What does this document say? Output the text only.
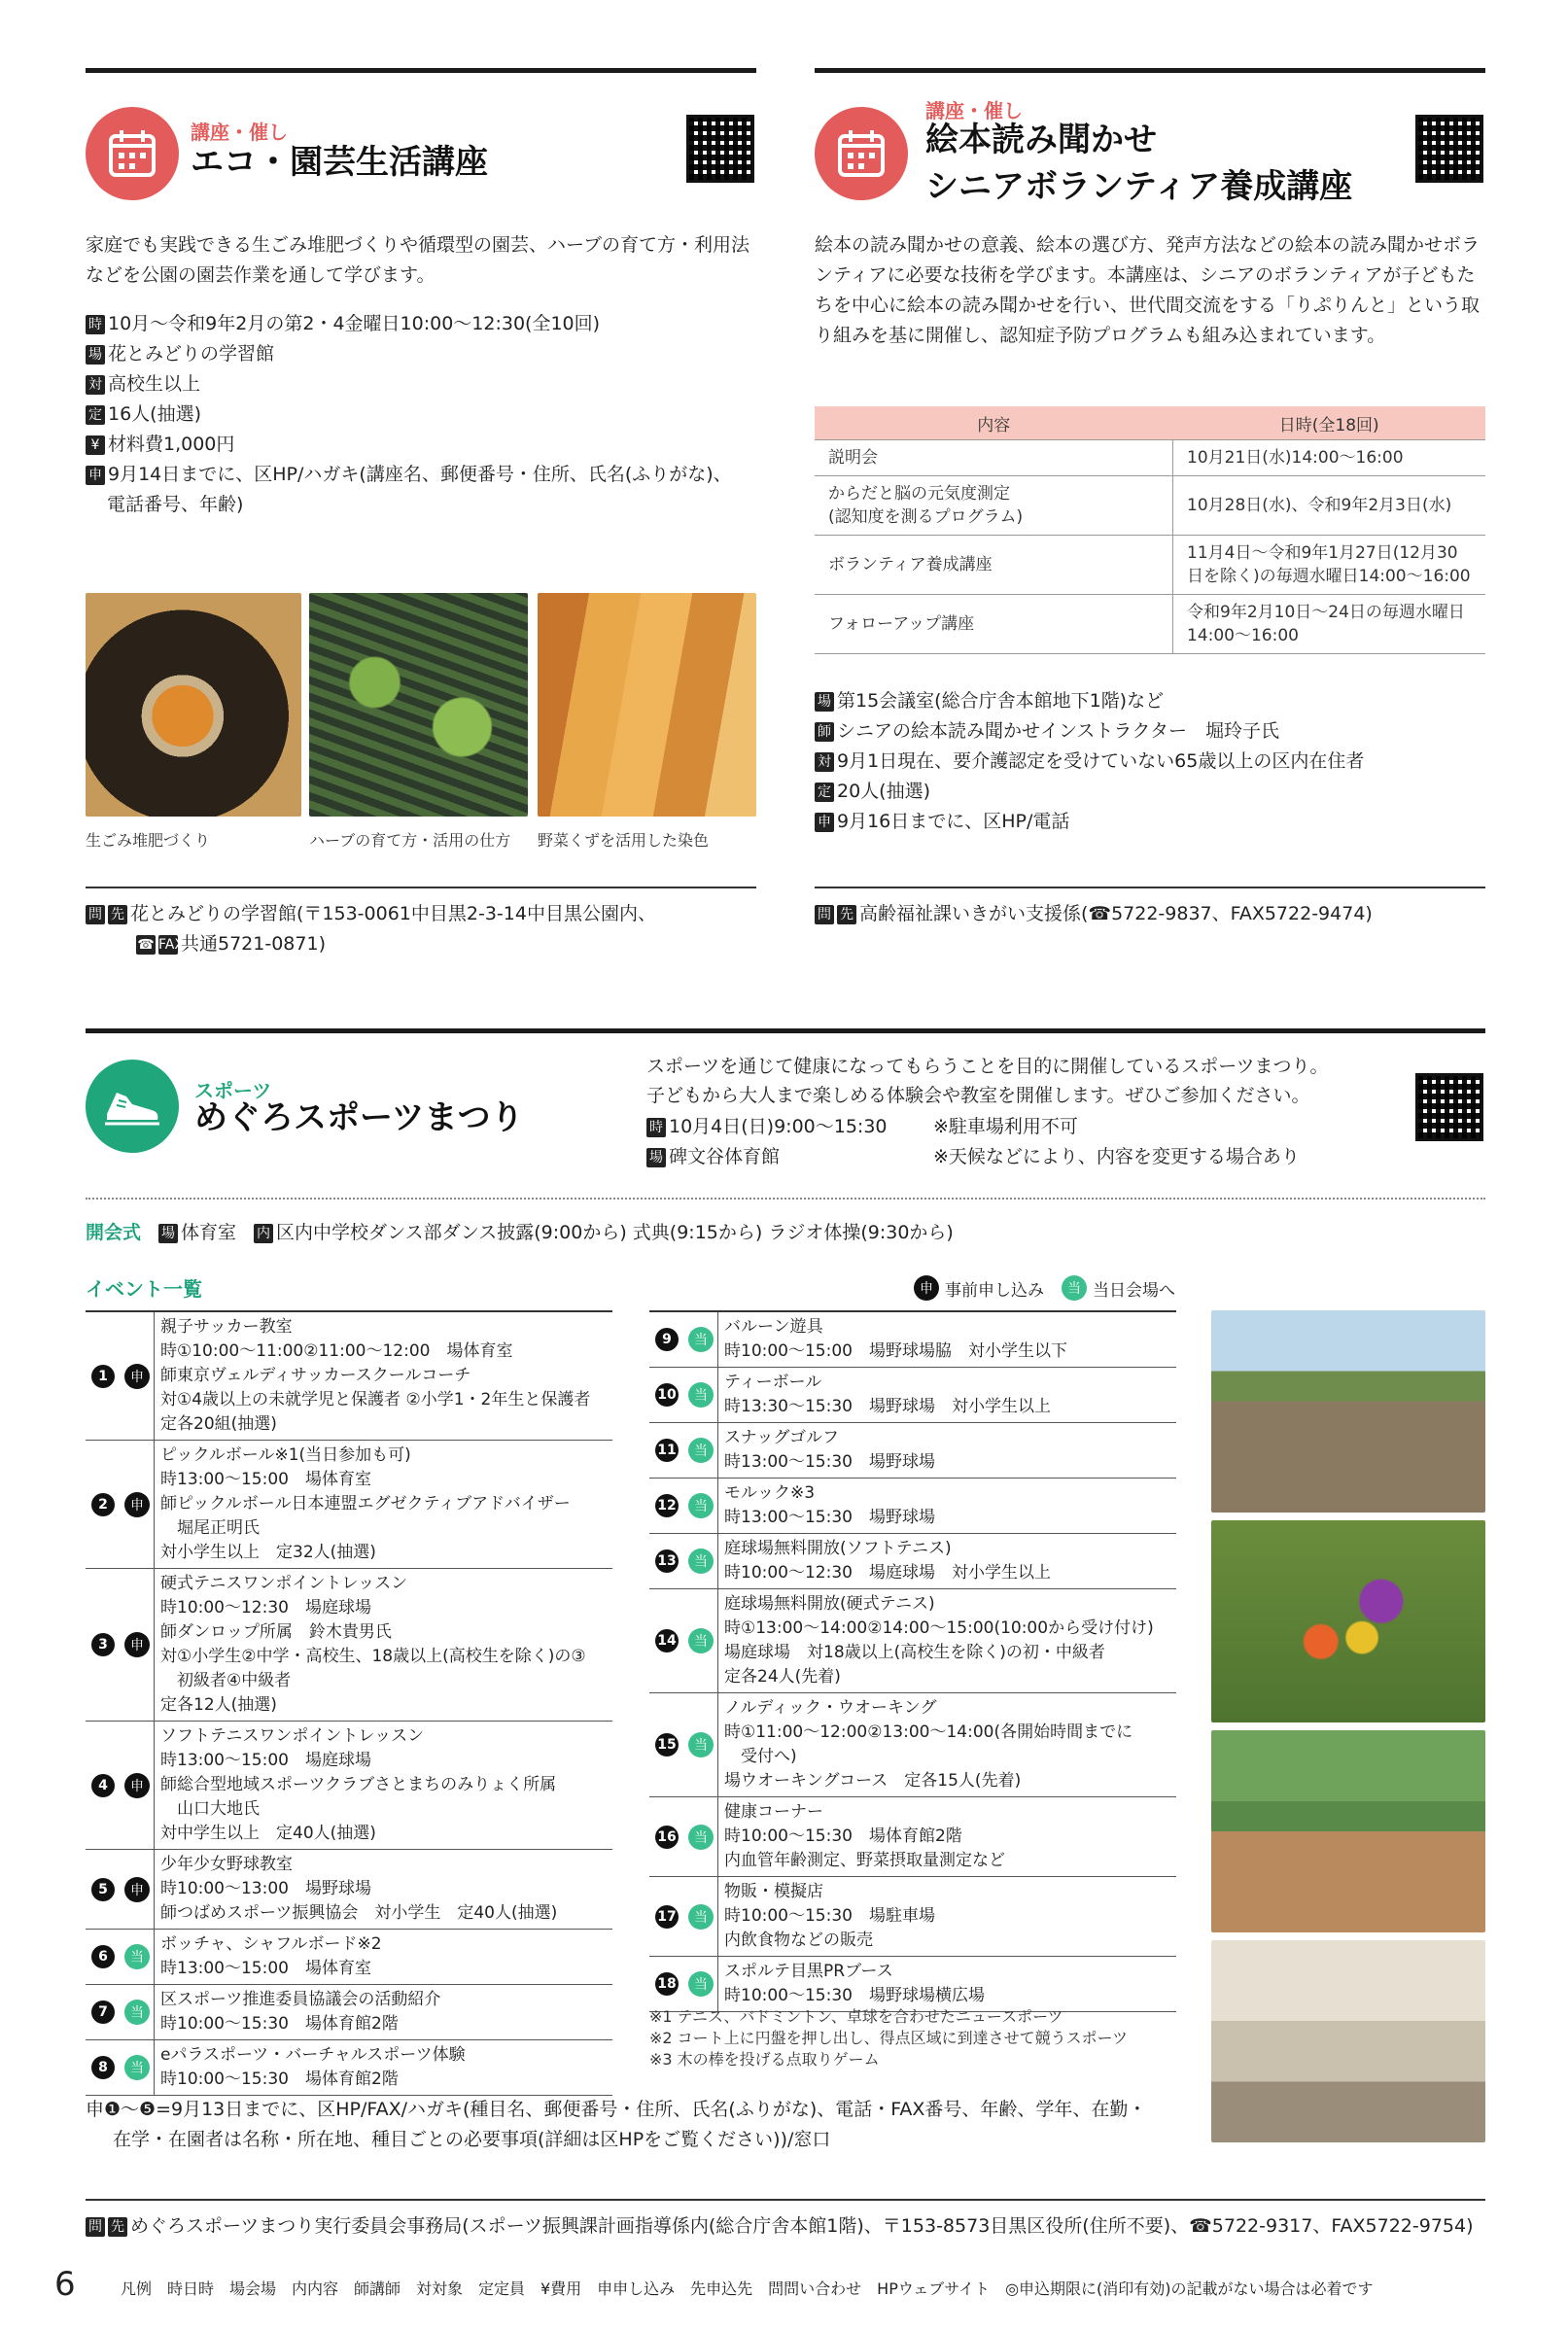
講座・催し
エコ・園芸生活講座
家庭でも実践できる生ごみ堆肥づくりや循環型の園芸、ハーブの育て方・利用法などを公園の園芸作業を通して学びます。
時 10月～令和9年2月の第2・4金曜日10:00～12:30(全10回)
場 花とみどりの学習館
対 高校生以上
定 16人(抽選)
¥ 材料費1,000円
申 9月14日までに、区HP/ハガキ(講座名、郵便番号・住所、氏名(ふりがな)、
電話番号、年齢)
生ごみ堆肥づくり	ハーブの育て方・活用の仕方 野菜くずを活用した染色
問 先 花とみどりの学習館(〒153-0061中目黒2-3-14中目黒公園内、
☎ FAX共通5721-0871)
講座・催し
絵本読み聞かせ
シニアボランティア養成講座
絵本の読み聞かせの意義、絵本の選び方、発声方法などの絵本の読み聞かせボランティアに必要な技術を学びます。本講座は、シニアのボランティアが子どもたちを中心に絵本の読み聞かせを行い、世代間交流をする「りぷりんと」という取り組みを基に開催し、認知症予防プログラムも組み込まれています。
内容	日時(全18回)
説明会	10月21日(水)14:00～16:00
からだと脳の元気度測定
(認知度を測るプログラム)	10月28日(水)、令和9年2月3日(水)
ボランティア養成講座	11月4日～令和9年1月27日(12月30日を除く)の毎週水曜日14:00～16:00
フォローアップ講座	令和9年2月10日～24日の毎週水曜日14:00～16:00
場 第15会議室(総合庁舎本館地下1階)など
師 シニアの絵本読み聞かせインストラクター　堀玲子氏
対 9月1日現在、要介護認定を受けていない65歳以上の区内在住者
定 20人(抽選)
申 9月16日までに、区HP/電話
問 先 高齢福祉課いきがい支援係(☎5722-9837、FAX5722-9474)
スポーツ
めぐろスポーツまつり
スポーツを通じて健康になってもらうことを目的に開催しているスポーツまつり。
子どもから大人まで楽しめる体験会や教室を開催します。ぜひご参加ください。
時 10月4日(日)9:00～15:30 ※駐車場利用不可
場 碑文谷体育館	※天候などにより、内容を変更する場合あり
開会式 場 体育室 内 区内中学校ダンス部ダンス披露(9:00から) 式典(9:15から) ラジオ体操(9:30から)
イベント一覧	申 事前申し込み	当 当日会場へ
1	申
親子サッカー教室
時①10:00～11:00②11:00～12:00　場体育室
師東京ヴェルディサッカースクールコーチ
対①4歳以上の未就学児と保護者 ②小学1・2年生と保護者
定各20組(抽選)
2	申
ピックルボール※1(当日参加も可)
時13:00～15:00　場体育室
師ピックルボール日本連盟エグゼクティブアドバイザー
　堀尾正明氏
対小学生以上　定32人(抽選)
3	申
硬式テニスワンポイントレッスン
時10:00～12:30　場庭球場
師ダンロップ所属　鈴木貴男氏
対①小学生②中学・高校生、18歳以上(高校生を除く)の③
　初級者④中級者
定各12人(抽選)
4	申
ソフトテニスワンポイントレッスン
時13:00～15:00　場庭球場
師総合型地域スポーツクラブさとまちのみりょく所属
　山口大地氏
対中学生以上　定40人(抽選)
5	申
少年少女野球教室
時10:00～13:00　場野球場
師つばめスポーツ振興協会　対小学生　定40人(抽選)
6	当
ボッチャ、シャフルボード※2
時13:00～15:00　場体育室
7	当
区スポーツ推進委員協議会の活動紹介
時10:00～15:30　場体育館2階
8	当
eパラスポーツ・バーチャルスポーツ体験
時10:00～15:30　場体育館2階
9	当
バルーン遊具
時10:00～15:00　場野球場脇　対小学生以下
10	当
ティーボール
時13:30～15:30　場野球場　対小学生以上
11	当
スナッグゴルフ
時13:00～15:30　場野球場
12	当
モルック※3
時13:00～15:30　場野球場
13	当
庭球場無料開放(ソフトテニス)
時10:00～12:30　場庭球場　対小学生以上
14	当
庭球場無料開放(硬式テニス)
時①13:00～14:00②14:00～15:00(10:00から受け付け)
場庭球場　対18歳以上(高校生を除く)の初・中級者
定各24人(先着)
15	当
ノルディック・ウオーキング
時①11:00～12:00②13:00～14:00(各開始時間までに
　受付へ)
場ウオーキングコース　定各15人(先着)
16	当
健康コーナー
時10:00～15:30　場体育館2階
内血管年齢測定、野菜摂取量測定など
17	当
物販・模擬店
時10:00～15:30　場駐車場
内飲食物などの販売
18	当
スポルテ目黒PRブース
時10:00～15:30　場野球場横広場
※1 テニス、バドミントン、卓球を合わせたニュースポーツ
※2 コート上に円盤を押し出し、得点区域に到達させて競うスポーツ
※3 木の棒を投げる点取りゲーム
申❶～❺=9月13日までに、区HP/FAX/ハガキ(種目名、郵便番号・住所、氏名(ふりがな)、電話・FAX番号、年齢、学年、在勤・
在学・在園者は名称・所在地、種目ごとの必要事項(詳細は区HPをご覧ください))/窓口
問 先 めぐろスポーツまつり実行委員会事務局(スポーツ振興課計画指導係内(総合庁舎本館1階)、〒153-8573目黒区役所(住所不要)、☎5722-9317、FAX5722-9754)
6	凡例　時日時　場会場　内内容　師講師　対対象　定定員　¥費用　申申し込み　先申込先　問問い合わせ　HPウェブサイト　◎申込期限に(消印有効)の記載がない場合は必着です
